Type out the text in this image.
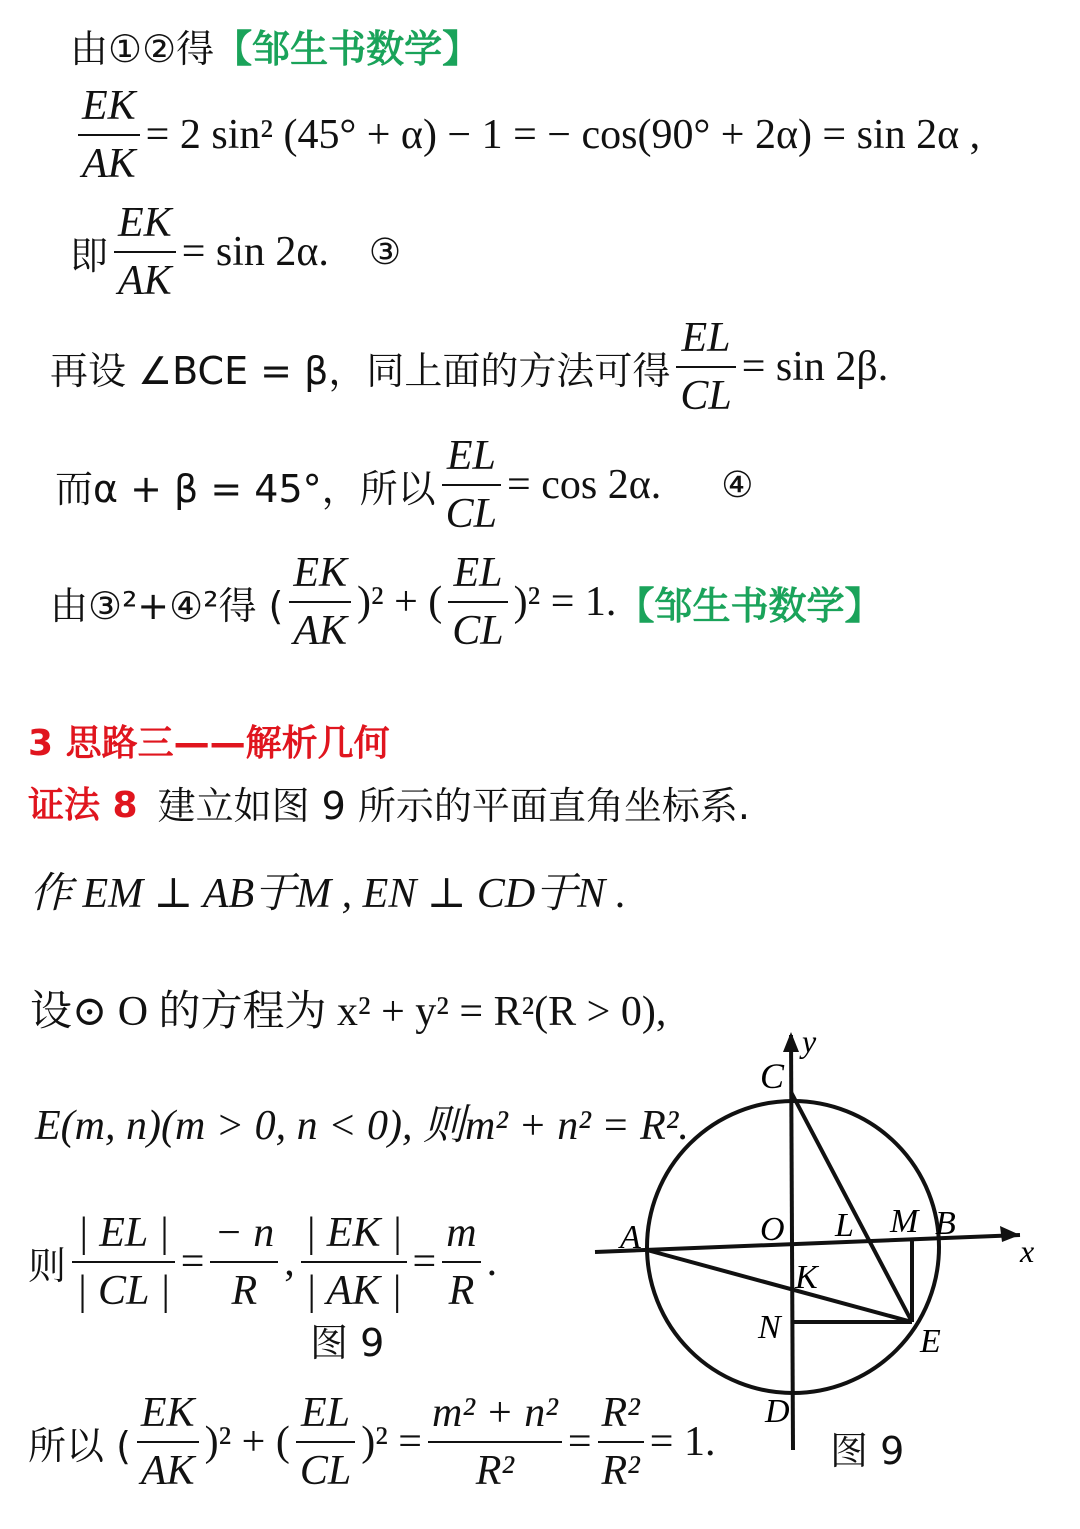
由①②得 【邹生书数学】
$\frac{EK}{AK} = 2$ sin² (45° + α) − 1 = − cos(90° + 2α) = sin 2α ,
即 $\frac{EK}{AK} = \sin 2\alpha$. ③
再设 ∠BCE = β，同上面的方法可得 $\frac{EL}{CL} = \sin 2\beta$.
而α + β = 45°，所以 $\frac{EL}{CL} = \cos 2\alpha$. ④
由③²+④²得 ( $\frac{EK}{AK} )^2$ + ( $\frac{EL}{CL} )^2 = 1$. 【邹生书数学】
3 思路三——解析几何
证法 8 建立如图 9 所示的平面直角坐标系.
作 EM ⊥ AB于M , EN ⊥ CD于N .
设⊙ O 的方程为 x² + y² = R²(R > 0),
E(m, n)(m > 0, n < 0), 则m² + n² = R².
则 $\frac{| EL |}{| CL |} = \frac{- n}{R}$ , $\frac{| EK |}{| AK |} = \frac{m}{R}$ .
图 9
所以 ( $\frac{EK}{AK} )^2$ + ( $\frac{EL}{CL} )^2 = \frac{\text{m² + n²}}{\text{R²}} = \frac{\text{R²}}{\text{R²}} = 1$.	图 9
C
y
O L M B
A	x
K
N	E
D
